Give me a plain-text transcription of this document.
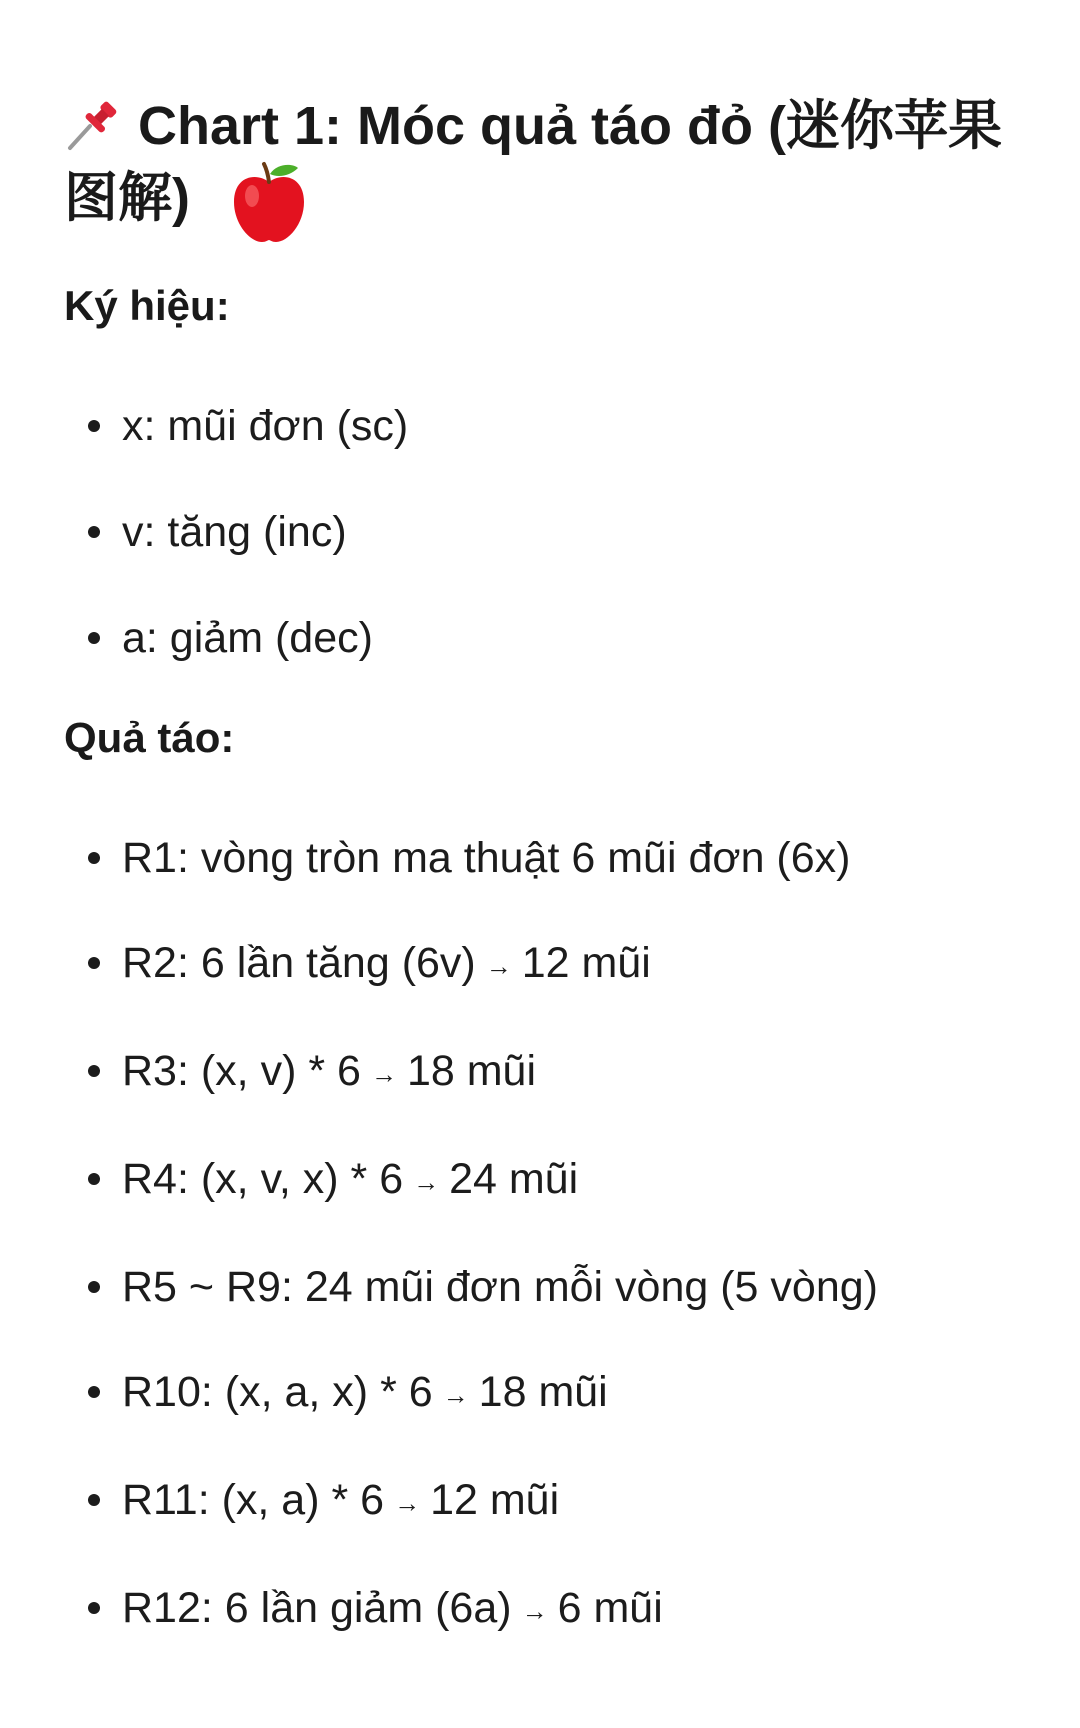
Chart 1: Móc quả táo đỏ (迷你苹果图解)
Ký hiệu:
x: mũi đơn (sc)
v: tăng (inc)
a: giảm (dec)
Quả táo:
R1: vòng tròn ma thuật 6 mũi đơn (6x)
R2: 6 lần tăng (6v) → 12 mũi
R3: (x, v) * 6 → 18 mũi
R4: (x, v, x) * 6 → 24 mũi
R5 ~ R9: 24 mũi đơn mỗi vòng (5 vòng)
R10: (x, a, x) * 6 → 18 mũi
R11: (x, a) * 6 → 12 mũi
R12: 6 lần giảm (6a) → 6 mũi
